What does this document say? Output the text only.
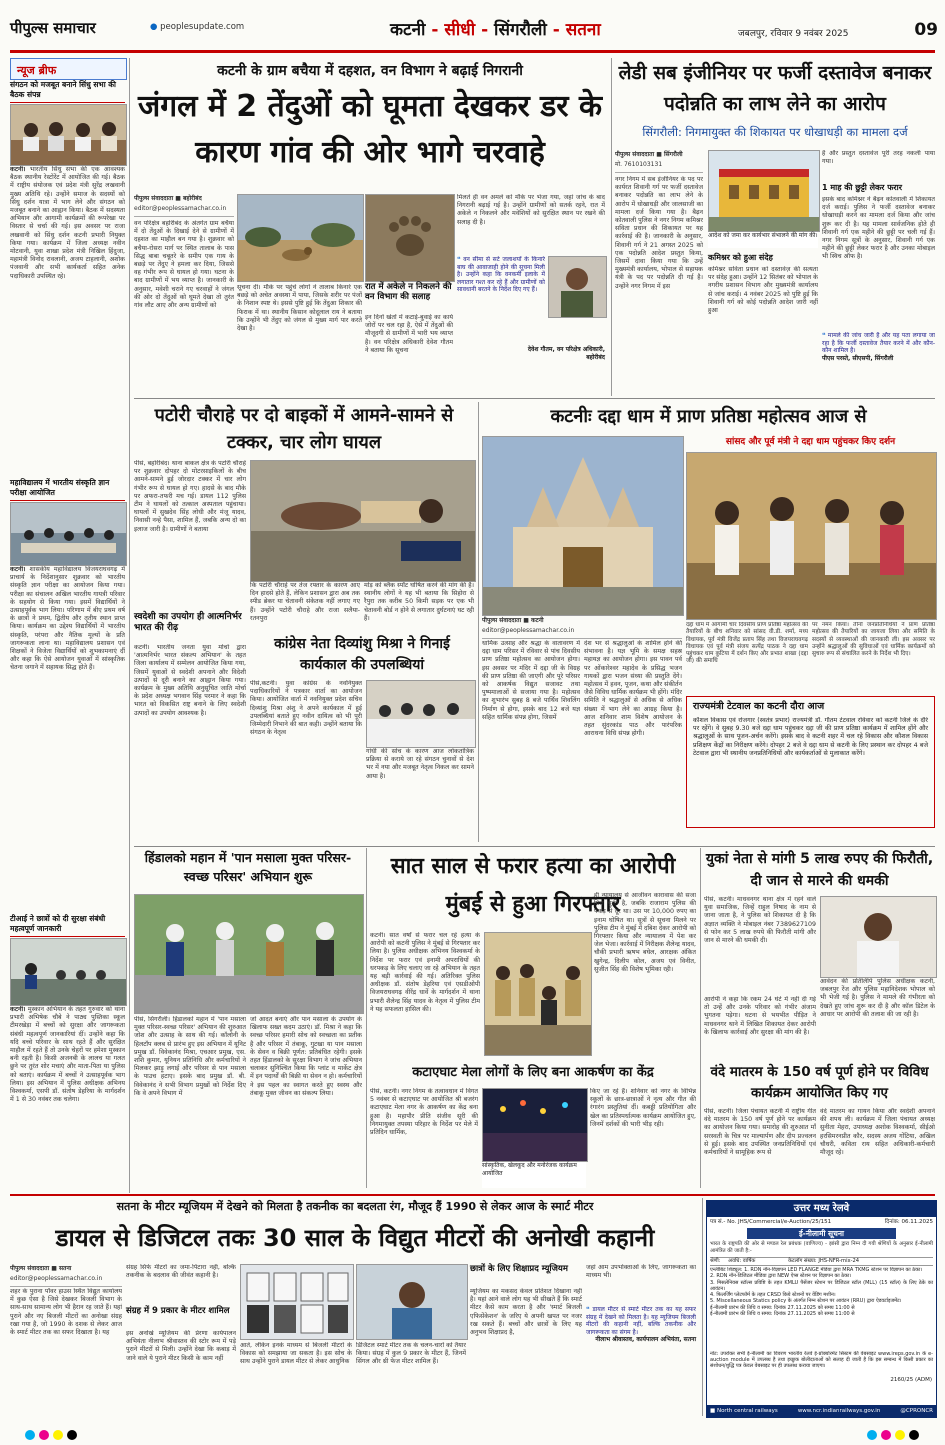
पीपुल्स समाचार	● peoplesupdate.com	कटनी - सीधी - सिंगरौली - सतना	जबलपुर, रविवार 9 नवंबर 2025	09
न्यूज ब्रीफ
संगठन को मजबूत बनाने सिंधु सभा की बैठक संपन्न
कटनी। भारतीय सिंधु सभा की एक आवश्यक बैठक स्थानीय रेस्टोरेंट में आयोजित की गई। बैठक में राष्ट्रीय संयोजक एवं प्रदेश मंत्री सुरेंद्र लखवानी मुख्य अतिथि रहे। उन्होंने समाज के सदस्यों को सिंधु दर्शन यात्रा में भाग लेने और संगठन को मजबूत बनाने का आह्वान किया। बैठक में सदस्यता अभियान और आगामी कार्यक्रमों की रूपरेखा पर विस्तार से चर्चा की गई। इस अवसर पर राजा लखवानी को सिंधु दर्शन कटनी प्रभारी नियुक्त किया गया। कार्यक्रम में जिला अध्यक्ष नवीन मोटवानी, युवा शाखा प्रदेश मंत्री निखिल हिंदुजा, महामंत्री विनोद रावलानी, अजय टाहलानी, अशोक पंजवानी और सभी कार्यकर्ता सहित अनेक पदाधिकारी उपस्थित रहे।
महाविद्यालय में भारतीय संस्कृति ज्ञान परीक्षा आयोजित
कटनी। शासकीय महाविद्यालय विजयराघवगढ़ में प्राचार्य के निर्देशानुसार शुक्रवार को भारतीय संस्कृति ज्ञान परीक्षा का आयोजन किया गया। परीक्षा का संचालन अखिल भारतीय गायत्री परिवार के सहयोग से किया गया। इसमें विद्यार्थियों ने उत्साहपूर्वक भाग लिया। परिणाम में बीए प्रथम वर्ष के छात्रों ने प्रथम, द्वितीय और तृतीय स्थान प्राप्त किया। कार्यक्रम का उद्देश्य विद्यार्थियों में भारतीय संस्कृति, परंपरा और नैतिक मूल्यों के प्रति जागरूकता लाना था। महाविद्यालय प्रशासन एवं शिक्षकों ने विजेता विद्यार्थियों को शुभकामनाएं दीं और कहा कि ऐसे आयोजन युवाओं में सांस्कृतिक चेतना जगाने में सहायक सिद्ध होते हैं।
टीआई ने छात्रों को दी सुरक्षा संबंधी महत्वपूर्ण जानकारी
कटनी। मुस्कान अभियान के तहत गुरुवार को थाना प्रभारी अभिषेक चौबे ने पाठ्य पुस्तिका स्कूल टीमरखेड़ा में बच्चों को सुरक्षा और जागरूकता संबंधी महत्वपूर्ण जानकारियां दीं। उन्होंने कहा कि यदि बच्चे परिवार के साथ रहते हैं और सुरक्षित माहौल में रहते हैं तो उनके चेहरों पर हमेशा मुस्कान बनी रहती है। किसी अजनबी के लालच या गलत छुने पर तुरंत शोर मचाएं और माता-पिता या पुलिस को बताएं। कार्यक्रम में बच्चों ने उत्साहपूर्वक भाग लिया। इस अभियान में पुलिस अधीक्षक अभिनय विश्वकर्मा, एसपी डॉ. संतोष डेहरिया के मार्गदर्शन में 1 से 30 नवंबर तक चलेगा।
कटनी के ग्राम बचैया में दहशत, वन विभाग ने बढ़ाई निगरानी
जंगल में 2 तेंदुओं को घूमता देखकर डर के कारण गांव की ओर भागे चरवाहे
पीपुल्स संवाददाता ■ बहोरीबंद
editor@peoplessamachar.co.in
वन परिक्षेत्र बहोरीबंद के अंतर्गत ग्राम बचैया में दो तेंदुओं के दिखाई देने से ग्रामीणों में दहशत का माहौल बन गया है। शुक्रवार को बचैया-रोसरा मार्ग पर स्थित तालाब के पास सिद्ध बाबा चबूतरे के समीप एक गाय के बछड़े पर तेंदुए ने हमला कर दिया, जिससे वह गंभीर रूप से घायल हो गया। घटना के बाद ग्रामीणों में भय व्याप्त है। जानकारी के अनुसार, मवेशी चराने गए चरवाहों ने जंगल की ओर दो तेंदुओं को घूमते देखा तो तुरंत गांव लौट आए और अन्य ग्रामीणों को
सूचना दी। मौके पर पहुंचे लोगों ने तालाब किनारे एक बछड़े को अचेत अवस्था में पाया, जिसके शरीर पर पंजों के निशान स्पष्ट थे। इससे पुष्टि हुई कि तेंदुआ शिकार की फिराक में था। स्थानीय किसान कोदूलाल राय ने बताया कि उन्होंने भी तेंदुए को जंगल से मुख्य मार्ग पार करते देखा है।
रात में अकेले न निकलने की वन विभाग की सलाह
इन दिनों खेतों में कटाई-बुवाई का कार्य जोरों पर चल रहा है, ऐसे में तेंदुओं की मौजूदगी से ग्रामीणों में भारी भय व्याप्त है। वन परिक्षेत्र अधिकारी देवेश गौतम ने बताया कि सूचना
मिलते ही वन अमले को मौके पर भेजा गया, जहां जांच के बाद निगरानी बढ़ाई गई है। उन्होंने ग्रामीणों को सतर्क रहने, रात में अकेले न निकलने और मवेशियों को सुरक्षित स्थान पर रखने की सलाह दी है।
❝ वन सीमा से सटे जलाशयों के किनारे बाघ की आवाजाही होने की सूचना मिली है। उन्होंने कहा कि वनकर्मी इलाके में लगातार गश्त कर रहे हैं और ग्रामीणों को सावधानी बरतने के निर्देश दिए गए हैं।
देवेश गौतम, वन परिक्षेत्र अधिकारी, बहोरीबंद
लेडी सब इंजीनियर पर फर्जी दस्तावेज बनाकर पदोन्नति का लाभ लेने का आरोप
सिंगरौली: निगमायुक्त की शिकायत पर धोखाधड़ी का मामला दर्ज
पीपुल्स संवाददाता ■ सिंगरौली
मो. 7610103131
नगर निगम में सब इंजीनियर के पद पर कार्यरत शिवानी गर्ग पर फर्जी दस्तावेज बनाकर पदोन्नति का लाभ लेने के आरोप में धोखाधड़ी और जालसाजी का मामला दर्ज किया गया है। बैढ़न कोतवाली पुलिस ने नगर निगम कमिश्नर सविता प्रधान की शिकायत पर यह कार्रवाई की है। जानकारी के अनुसार, शिवानी गर्ग ने 21 अगस्त 2025 को एक पदोन्नति आदेश प्रस्तुत किया, जिसमें दावा किया गया कि उन्हें मुख्यमंत्री कार्यालय, भोपाल से सहायक यंत्री के पद पर पदोन्नति दी गई है। उन्होंने नगर निगम में इस
आदेश को जमा कर कार्यभार संभालने की मांग की।
कमिश्नर को हुआ संदेह
कमिश्नर सविता प्रधान को दस्तावेज़ की सत्यता पर संदेह हुआ। उन्होंने 12 सितंबर को भोपाल के नगरीय प्रशासन विभाग और मुख्यमंत्री कार्यालय से जांच कराई। 4 नवंबर 2025 को पुष्टि हुई कि शिवानी गर्ग को कोई पदोन्नति आदेश जारी नहीं हुआ
है और प्रस्तुत दस्तावेज पूरी तरह नकली पाया गया।
1 माह की छुट्टी लेकर फरार
इसके बाद कमिश्नर ने बैढ़न कोतवाली में शिकायत दर्ज कराई। पुलिस ने फर्जी दस्तावेज बनाकर धोखाधड़ी करने का मामला दर्ज किया और जांच शुरू कर दी है। यह मामला सार्वजनिक होते ही शिवानी गर्ग एक महीने की छुट्टी पर चली गई हैं। नगर निगम सूत्रों के अनुसार, शिवानी गर्ग एक महीने की छुट्टी लेकर फरार है और उनका मोबाइल भी स्विच ऑफ है।
❝ मामले की जांच जारी है और यह पता लगाया जा रहा है कि फर्जी दस्तावेज तैयार करने में और कौन-कौन शामिल है।
पीएस परस्ते, सीएसपी, सिंगरौली
पटोरी चौराहे पर दो बाइकों में आमने-सामने से टक्कर, चार लोग घायल
पीसं, बहोरीबंद। थाना बाकल क्षेत्र के पटोरी चौराहे पर शुक्रवार दोपहर दो मोटरसाइकिलों के बीच आमने-सामने हुई जोरदार टक्कर में चार लोग गंभीर रूप से घायल हो गए। हादसे के बाद मौके पर अफरा-तफरी मच गई। डायल 112 पुलिस टीम ने घायलों को तत्काल अस्पताल पहुंचाया। घायलों में सुखदेव सिंह लोधी और मंजू यादव, निवासी नन्हे पैसा, शामिल हैं, जबकि अन्य दो का इलाज जारी है। ग्रामीणों ने बताया
कि पटोरी चौराहे पर तेज रफ्तार के कारण आए दिन हादसे होते हैं, लेकिन प्रशासन द्वारा अब तक स्पीड ब्रेकर या चेतावनी संकेतक नहीं लगाए गए हैं। उन्होंने पटोरी चौराहे और राजा सलैया-रतनपुरा
मोड़ को ब्लैक स्पॉट घोषित करने की मांग की है। स्थानीय लोगों ने यह भी बताया कि सिहोरा से रैपुरा तक करीब 50 किमी सड़क पर एक भी चेतावनी बोर्ड न होने से लगातार दुर्घटनाएं घट रही हैं।
स्वदेशी का उपयोग ही आत्मनिर्भर भारत की रीढ़
कटनी। भारतीय जनता युवा मोर्चा द्वारा 'आत्मनिर्भर भारत संकल्प अभियान' के तहत जिला कार्यालय में सम्मेलन आयोजित किया गया, जिसमें युवाओं से स्वदेशी अपनाने और विदेशी उत्पादों से दूरी बनाने का आह्वान किया गया। कार्यक्रम के मुख्य अतिथि अनुसूचित जाति मोर्चा के प्रदेश अध्यक्ष भगवान सिंह परमार ने कहा कि भारत को विकसित राष्ट्र बनाने के लिए स्वदेशी उत्पादों का उपयोग आवश्यक है।
कांग्रेस नेता दिव्यांशु मिश्रा ने गिनाई कार्यकाल की उपलब्धियां
पीसं,कटनी। युवा कांग्रेस के नवनियुक्त पदाधिकारियों ने पत्रकार वार्ता का आयोजन किया। आयोजित वार्ता में नवनियुक्त प्रदेश सचिव दिव्यांशु मिश्रा अंशु ने अपने कार्यकाल में हुई उपलब्धियां बताते हुए नवीन दायित्व को भी पूरी जिम्मेदारी निभाने की बात कही। उन्होंने बताया कि संगठन के नेतृत्व
गांधी की सोच के कारण आज लोकतांत्रिक प्रक्रिया से कराये जा रहे संगठन चुनावों से देश भर में नया और मजबूत नेतृत्व निकल कर सामने आया है।
कटनीः दद्दा धाम में प्राण प्रतिष्ठा महोत्सव आज से
पीपुल्स संवाददाता ■ कटनी
editor@peoplessamachar.co.in
धार्मिक उत्साह और श्रद्धा के वातावरण में दद्दा धाम परिसर में रविवार से पांच दिवसीय प्राण प्रतिष्ठा महोत्सव का आयोजन होगा। इस अवसर पर मंदिर में दद्दा जी के विग्रह की प्राण प्रतिष्ठा की जाएगी और पूरे परिसर को आकर्षक विद्युत सजावट तथा पुष्पमालाओं से सजाया गया है। महोत्सव का शुभारंभ सुबह 8 बजे पार्थिव शिवलिंग निर्माण से होगा, इसके बाद 12 बजे यज्ञ सहित धार्मिक संपन्न होगा, जिसमें
देश भर से श्रद्धालुओं के शामिल होने की संभावना है। यज्ञ भूमि के समक्ष सहस्र महायज्ञ का आयोजन होगा। इस पावन पर्व पर ओंकारेश्वर महादेव के प्रसिद्ध भजन गायकों द्वारा भजन संध्या की प्रस्तुति देंगे। महोत्सव में हवन, पूजन, कथा और संकीर्तन जैसे विविध धार्मिक कार्यक्रम भी होंगे। मंदिर समिति ने श्रद्धालुओं से अधिक से अधिक संख्या में भाग लेने का आग्रह किया है। आज शनिवार शाम विशेष आयोजन के तहत सुंदरकांड पाठ और पारंपरिक आराधना विधि संपन्न होगी।
सांसद और पूर्व मंत्री ने दद्दा धाम पहुंचकर किए दर्शन
दद्दा धाम में आगामी चार दिवसीय प्राण प्रतिष्ठा महोत्सव की तैयारियों के बीच शनिवार को सांसद वी.डी. शर्मा, मध्य विधायक, पूर्व मंत्री विजेंद्र प्रताप सिंह तथा विजयराघवगढ़ विधायक एवं पूर्व मंत्री संजय सत्येंद्र पाठक ने दद्दा धाम पहुंचकर धाम कुटिया में दर्शन किए और प्रभात शाखा (दद्दा जी) की समाधि
पर नमन किया। तीनों जनप्रतिनिधियों ने प्राण प्रतिष्ठा महोत्सव की तैयारियों का जायजा लिया और समिति के सदस्यों से व्यवस्थाओं की जानकारी ली। इस अवसर पर उन्होंने श्रद्धालुओं की सुविधाओं एवं धार्मिक कार्यक्रमों को सुचारु रूप से संचालित करने के निर्देश भी दिए।
राज्यमंत्री टेटवाल का कटनी दौरा आज
कौशल विकास एवं रोजगार (स्वतंत्र प्रभार) राज्यमंत्री डॉ. गौतम टेटवाल रविवार को कटनी जिले के दौरे पर रहेंगे। वे सुबह 9.30 बजे दद्दा धाम पहुंचकर दद्दा जी की प्राण प्रतिष्ठा कार्यक्रम में शामिल होंगे और श्रद्धालुओं के साथ पूजन-अर्चन करेंगे। इसके बाद वे कटनी शहर में चल रहे विकास और कौशल विकास प्रशिक्षण केंद्रों का निरीक्षण करेंगे। दोपहर 2 बजे वे दद्दा धाम से कटनी के लिए प्रस्थान कर दोपहर 4 बजे टेटवाल द्वारा भी स्थानीय जनप्रतिनिधियों और कार्यकर्ताओं से मुलाकात करेंगे।
हिंडालको महान में 'पान मसाला मुक्त परिसर-स्वच्छ परिसर' अभियान शुरू
पीसं, सिंगरौली। हिंडालको महान में 'पान मसाला मुक्त परिसर-स्वच्छ परिसर' अभियान की शुरुआत जोश और उत्साह के साथ की गई। कॉलोनी के हिलटॉप क्लब से प्रारंभ हुए इस अभियान में यूनिट प्रमुख डॉ. विवेकानंद मिश्रा, एचआर प्रमुख, एस. शशि कुमार, यूनियन प्रतिनिधि और कर्मचारियों ने मिलकर झाड़ू लगाई और परिसर से पान मसाला के पाउच हटाए। इसके बाद प्रमुख डॉ. बी. विवेकानंद ने सभी विभाग प्रमुखों को निर्देश दिए कि वे अपने विभाग में
जो आदत बनाएं और पान मसाला के उपयोग के खिलाफ सख्त कदम उठाएं। डॉ. मिश्रा ने कहा कि स्वच्छ परिसर हमारी सोच को स्वच्छता का प्रतीक है और परिसर में तंबाकू, गुटखा या पान मसाला के सेवन व बिक्री पूर्णत: प्रतिबंधित रहेगी। इसके तहत हिंडालको के सुरक्षा विभाग ने जांच अभियान चलाकर सुनिश्चित किया कि प्लांट व मार्केट क्षेत्र में इन पदार्थों की बिक्री या सेवन न हो। कर्मचारियों ने इस पहल का स्वागत करते हुए स्वस्थ और तंबाकू मुक्त जीवन का संकल्प लिया।
सात साल से फरार हत्या का आरोपी मुंबई से हुआ गिरफ्तार
कटनी। सात वर्षों से फरार चल रहे हत्या के आरोपी को कटनी पुलिस ने मुंबई से गिरफ्तार कर लिया है। पुलिस अधीक्षक अभिनय विश्वकर्मा के निर्देश पर फरार एवं इनामी अपराधियों की धरपकड़ के लिए चलाए जा रहे अभियान के तहत यह बड़ी कार्रवाई की गई। अतिरिक्त पुलिस अधीक्षक डॉ. संतोष डेहरिया एवं एसडीओपी विजयराघवगढ़ वीरेंद्र धार्वे के मार्गदर्शन में थाना प्रभारी शैलेन्द्र सिंह यादव के नेतृत्व में पुलिस टीम ने यह सफलता हासिल की।
ही न्यायालय से आजीवन कारावास की सजा मिल चुकी है, जबकि राजाराम पुलिस की पकड़ से दूर था। उस पर 10,000 रुपए का इनाम घोषित था। सूत्रों से सूचना मिलने पर पुलिस टीम ने मुंबई में दबिश देकर आरोपी को गिरफ्तार किया और न्यायालय में पेश कर जेल भेजा। कार्रवाई में निरीक्षक शैलेन्द्र यादव, चौकी प्रभारी ऋषभ बघेल, आरक्षक अंकित खुगेन्द्र, दिलीप कोल, अजय एवं विनीत, सुजीत सिंह की विशेष भूमिका रही।
कटाएघाट मेला लोगों के लिए बना आकर्षण का केंद्र
पीसं, कटनी। नगर निगम के तत्वावधान में विगत 5 नवंबर से कटाएघाट पर आयोजित श्री बजरंग कटाएघाट मेला नगर के आकर्षण का केंद्र बना हुआ है। महापौर प्रीति संजीव सूरी की निगमायुक्त तपस्या परिहार के निर्देश पर मेले में प्रतिदिन धार्मिक,
सांस्कृतिक, खेलकूद और मनोरंजक कार्यक्रम आयोजित
किए जा रहे हैं। शनिवार को नगर के विभिन्न स्कूलों के छात्र-छात्राओं ने नृत्य और गीत की रंगारंग प्रस्तुतियां दीं। कबड्डी प्रतियोगिता और खेल का प्रतिस्पर्धात्मक कार्यक्रम आयोजित हुए, जिनमें दर्शकों की भारी भीड़ रही।
युकां नेता से मांगी 5 लाख रुपए की फिरौती, दी जान से मारने की धमकी
पीसं, कटनी। माधवनगर थाना क्षेत्र में रहने वाले युवा समाजिक, जिन्हें राहुल निषाद के नाम से जाना जाता है, ने पुलिस को शिकायत दी है कि अज्ञात व्यक्ति ने मोबाइल नंबर 7389627109 से फोन कर 5 लाख रुपये की फिरौती मांगी और जान से मारने की धमकी दी।
आवेदन की प्रतिलिपि पुलिस अधीक्षक कटनी, जबलपुर रेंज और पुलिस महानिदेशक भोपाल को भी भेजी गई है। पुलिस ने मामले की गंभीरता को देखते हुए जांच शुरू कर दी है और कॉल डिटेल के आधार पर आरोपी की तलाश की जा रही है।
आरोपी ने कहा कि रकम 24 घंटे में नहीं दी गई तो उन्हें और उनके परिवार को गंभीर अंजाम भुगतना पड़ेगा। घटना से भयभीत पीड़ित ने माधवनगर थाने में लिखित शिकायत देकर आरोपी के खिलाफ कार्रवाई और सुरक्षा की मांग की है।
वंदे मातरम के 150 वर्ष पूर्ण होने पर विविध कार्यक्रम आयोजित किए गए
पीसं, कटनी। जिला पंचायत कटनी में राष्ट्रीय गीत वंदे मातरम के 150 वर्ष पूर्ण होने पर कार्यक्रम का आयोजन किया गया। समारोह की शुरुआत माँ सरस्वती के चित्र पर माल्यार्पण और दीप प्रज्वलन से हुई। इसके बाद उपस्थित जनप्रतिनिधियों एवं कर्मचारियों ने सामूहिक रूप से
वंदे मातरम का गायन किया और स्वदेशी अपनाने की शपथ ली। कार्यक्रम में जिला पंचायत अध्यक्ष सुनीता मेहरा, उपाध्यक्ष अशोक विश्वकर्मा, सीईओ हरसिमरनप्रीत कौर, सदस्य अजय गोंटिया, अखिल चौधरी, कविता राय सहित अधिकारी-कर्मचारी मौजूद रहे।
सतना के मीटर म्यूजियम में देखने को मिलता है तकनीक का बदलता रंग, मौजूद हैं 1990 से लेकर आज के स्मार्ट मीटर
डायल से डिजिटल तकः 30 साल के विद्युत मीटरों की अनोखी कहानी
पीपुल्स संवाददाता ■ सतना
editor@peoplessamachar.co.in
शहर के पुराना पॉवर हाउस स्थित विद्युत कार्यालय में कुछ ऐसा है जिसे देखकर बिजली विभाग के साथ-साथ सामान्य लोग भी हैरान रह जाते हैं। यहां पुराने और नए बिजली मीटरों का अनोखा संग्रह रखा गया है, जो 1990 के दशक से लेकर आज के स्मार्ट मीटर तक का सफर दिखाता है। यह
संग्रह सिर्फ मीटरों का जमा-पिटारा नहीं, बल्कि तकनीक के बदलाव की जीवंत कहानी है।
संग्रह में 9 प्रकार के मीटर शामिल
इस अनोखे म्यूजियम की प्रेरणा कार्यपालन अभियंता नीलाभ श्रीवास्तव की स्टोर रूम में पड़े पुराने मीटरों से मिली। उन्होंने देखा कि कबाड़ में जाने वाले ये पुराने मीटर किसी के काम नहीं
आते, लेकिन इनके माध्यम से बिजली मीटरों के विकास को समझाया जा सकता है। इस सोच के साथ उन्होंने पुराने डायल मीटर से लेकर आधुनिक
डिजिटल स्मार्ट मीटर तक के चलन-चारों को तैयार किया। संग्रह में कुल 9 प्रकार के मीटर हैं, जिनमें सिंगल और थ्री फेज मीटर शामिल हैं।
छात्रों के लिए शिक्षाप्रद म्यूजियम
म्यूजियम का मकसद केवल प्रतिशत दिखाना नहीं है। यहां आने वाले लोग यह भी सीखते हैं कि स्मार्ट मीटर कैसे काम करता है और 'स्मार्ट बिजली एफिसेंकेशन' के जरिए ये अपनी खपत पर नजर रख सकते हैं। बच्चों और छात्रों के लिए यह अनुभव शिक्षाप्रद है,
जहां आम उपभोक्ताओं के लिए, जागरूकता का माध्यम भी।
❝ डायल मीटर से स्मार्ट मीटर तक का यह सफर संग्रह में देखने को मिलता है। यह म्यूजियम बिजली मीटरों की कहानी नहीं, बल्कि तकनीक और जागरूकता का संगम है।
नीलाभ श्रीवास्तव, कार्यपालन अभियंता, सतना
उत्तर मध्य रेलवे
पत्र सं.- No. JHS/Commercial/e-Auction/25/151	दिनांक: 06.11.2025
ई-नीलामी सूचना
भारत के राष्ट्रपति की ओर से मण्डल रेल प्रबंधक (वाणिज्य) - झांसी द्वारा निम्न दी गयी श्रेणियों के अनुसार ई-नीलामी आमंत्रित की जाती है:-
श्रेणी:	अवधि: वार्षिक	केटलॉग संख्या: JHS-NFR-mix-24
एन्लीबिट शिड्यूल: 1. RDN नॉन-विज्ञापन LED FLANGE मेडिया द्वारा MRA TKMG स्टेशन पर विज्ञापन का ठेका।
2. RDN नॉन-डिजिटल मीडिया द्वारा NEW ऐप्स स्टेशन पर विज्ञापन का ठेका।
3. मिसलेनियस स्टॉल्स प्रविष्टि के तहत KMLU पैसेंजर स्टेशन पर डिजिटल स्टॉल (MLL) (15 स्टॉल) के लिए ठेके का आवंटन।
4. फिलर्जिंग प्लेटफॉर्म के तहत CRSD किये स्टेशनों पर वेंडिंग मशीन।
5. Miscellaneous Statics policy के अंतर्गत निम्न स्टेशन पर आवंटन (RRU) द्वारा ऐडवर्टाइजमेंट।
ई-नीलामी प्रारंभ की तिथि व समय: दिनांक 27.11.2025 को समय 11:00 से
ई-नीलामी प्रारंभ की तिथि व समय: दिनांक 27.11.2025 को समय 11:00 से
नोट: उपरोक्त सभी ई-नीलामी का विवरण भारतीय रेलवे ई-प्रोक्योरमेंट सिस्टम की वेबसाइट www.ireps.gov.in के e-auction module में उपलब्ध है तथा इच्छुक बोलीदाताओं को सलाह दी जाती है कि इस सम्बन्ध में किसी प्रकार का संशोधन/शुद्धि पत्र केवल वेबसाइट पर ही उपलब्ध कराया जाएगा।
2160/25 (ADM)
■ North central railways	www.ncr.indianrailways.gov.in	@CPRONCR
